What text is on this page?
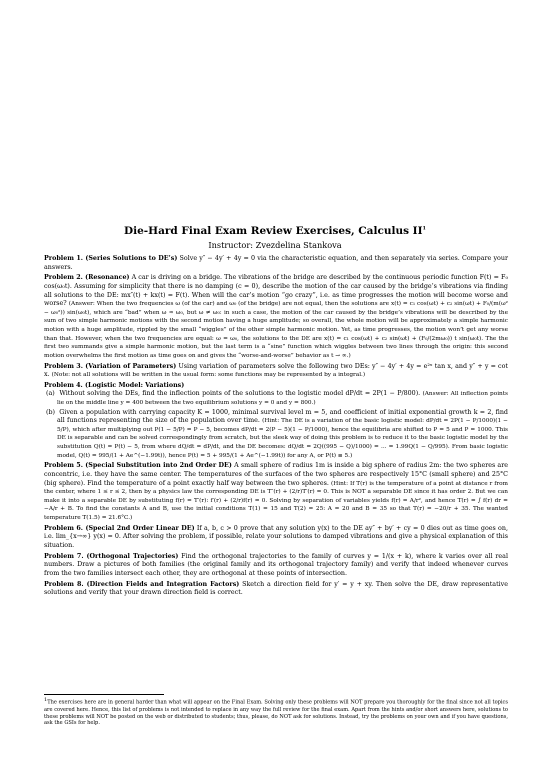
Die-Hard Final Exam Review Exercises, Calculus $II^1$
Instructor: Zvezdelina Stankova

Problem 1. (Series Solutions to DE’s) Solve y″ − 4y′ + 4y = 0 via the characteristic equation, and then separately via series. Compare your answers.

Problem 2. (Resonance) A car is driving on a bridge. The vibrations of the bridge are described by the continuous periodic function F(t) = F₀ cos(ω₀t). Assuming for simplicity that there is no damping (c = 0), describe the motion of the car caused by the bridge’s vibrations via finding all solutions to the DE: mx″(t) + kx(t) = F(t). When will the car’s motion “go crazy”, i.e. as time progresses the motion will become worse and worse? (Answer: When the two frequencies ω (of the car) and ω₀ (of the bridge) are not equal, then the solutions are x(t) = c₁ cos(ωt) + c₂ sin(ωt) + F₀/(m(ω² − ω₀²)) sin(ω₀t), which are “bad” when ω ≈ ω₀, but ω ≠ ω₀: in such a case, the motion of the car caused by the bridge’s vibrations will be described by the sum of two simple harmonic motions with the second motion having a huge amplitude; so overall, the whole motion will be approximately a simple harmonic motion with a huge amplitude, rippled by the small “wiggles” of the other simple harmonic motion. Yet, as time progresses, the motion won’t get any worse than that. However, when the two frequencies are equal: ω = ω₀, the solutions to the DE are x(t) = c₁ cos(ωt) + c₂ sin(ωt) + (F₀/(2mω₀)) t sin(ω₀t). The the first two summands give a simple harmonic motion, but the last term is a “sine” function which wiggles between two lines through the origin: this second motion overwhelms the first motion as time goes on and gives the “worse-and-worse” behavior as t → ∞.)

Problem 3. (Variation of Parameters) Using variation of parameters solve the following two DEs: y″ − 4y′ + 4y = e²ˣ tan x, and y″ + y = cot x. (Note: not all solutions will be written in the usual form: some functions may be represented by a integral.)

Problem 4. (Logistic Model: Variations)

(a) Without solving the DEs, find the inflection points of the solutions to the logistic model dP/dt = 2P(1 − P/800). (Answer: All inflection points lie on the middle line y = 400 between the two equilibrium solutions y = 0 and y = 800.)

(b) Given a population with carrying capacity K = 1000, minimal survival level m = 5, and coefficient of initial exponential growth k = 2, find all functions representing the size of the population over time. (Hint: The DE is a variation of the basic logistic model: dP/dt = 2P(1 − P/1000)(1 − 5/P), which after multiplying out P(1 − 5/P) = P − 5, becomes dP/dt = 2(P − 5)(1 − P/1000), hence the equilibria are shifted to P = 5 and P = 1000. This DE is separable and can be solved correspondingly from scratch, but the sleek way of doing this problem is to reduce it to the basic logistic model by the substitution Q(t) = P(t) − 5, from where dQ/dt = dP/dt, and the DE becomes: dQ/dt = 2Q((995 − Q)/1000) = ... = 1.99Q(1 − Q/995). From basic logistic model, Q(t) = 995/(1 + Ae^(−1.99t)), hence P(t) = 5 + 995/(1 + Ae^(−1.99t)) for any A, or P(t) ≡ 5.)

Problem 5. (Special Substitution into 2nd Order DE) A small sphere of radius 1m is inside a big sphere of radius 2m: the two spheres are concentric, i.e. they have the same center. The temperatures of the surfaces of the two spheres are respectively 15°C (small sphere) and 25°C (big sphere). Find the temperature of a point exactly half way between the two spheres. (Hint: If T(r) is the temperature of a point at distance r from the center, where 1 ≤ r ≤ 2, then by a physics law the corresponding DE is T″(r) + (2/r)T′(r) = 0. This is NOT a separable DE since it has order 2. But we can make it into a separable DE by substituting f(r) = T′(r): f′(r) + (2/r)f(r) = 0. Solving by separation of variables yields f(r) = A/r², and hence T(r) = ∫ f(r) dr = −A/r + B. To find the constants A and B, use the initial conditions T(1) = 15 and T(2) = 25: A = 20 and B = 35 so that T(r) = −20/r + 35. The wanted temperature T(1.5) = 21.6̄°C.)

Problem 6. (Special 2nd Order Linear DE) If a, b, c > 0 prove that any solution y(x) to the DE ay″ + by′ + cy = 0 dies out as time goes on, i.e. lim_{x→∞} y(x) = 0. After solving the problem, if possible, relate your solutions to damped vibrations and give a physical explanation of this situation.

Problem 7. (Orthogonal Trajectories) Find the orthogonal trajectories to the family of curves y = 1/(x + k), where k varies over all real numbers. Draw a pictures of both families (the original family and its orthogonal trajectory family) and verify that indeed whenever curves from the two families intersect each other, they are orthogonal at these points of intersection.

Problem 8. (Direction Fields and Integration Factors) Sketch a direction field for y′ = y + xy. Then solve the DE, draw representative solutions and verify that your drawn direction field is correct.

1The exercises here are in general harder than what will appear on the Final Exam. Solving only these problems will NOT prepare you thoroughly for the final since not all topics are covered here. Hence, this list of problems is not intended to replace in any way the full review for the final exam. Apart from the hints and/or short answers here, solutions to these problems will NOT be posted on the web or distributed to students; thus, please, do NOT ask for solutions. Instead, try the problems on your own and if you have questions, ask the GSIs for help.
